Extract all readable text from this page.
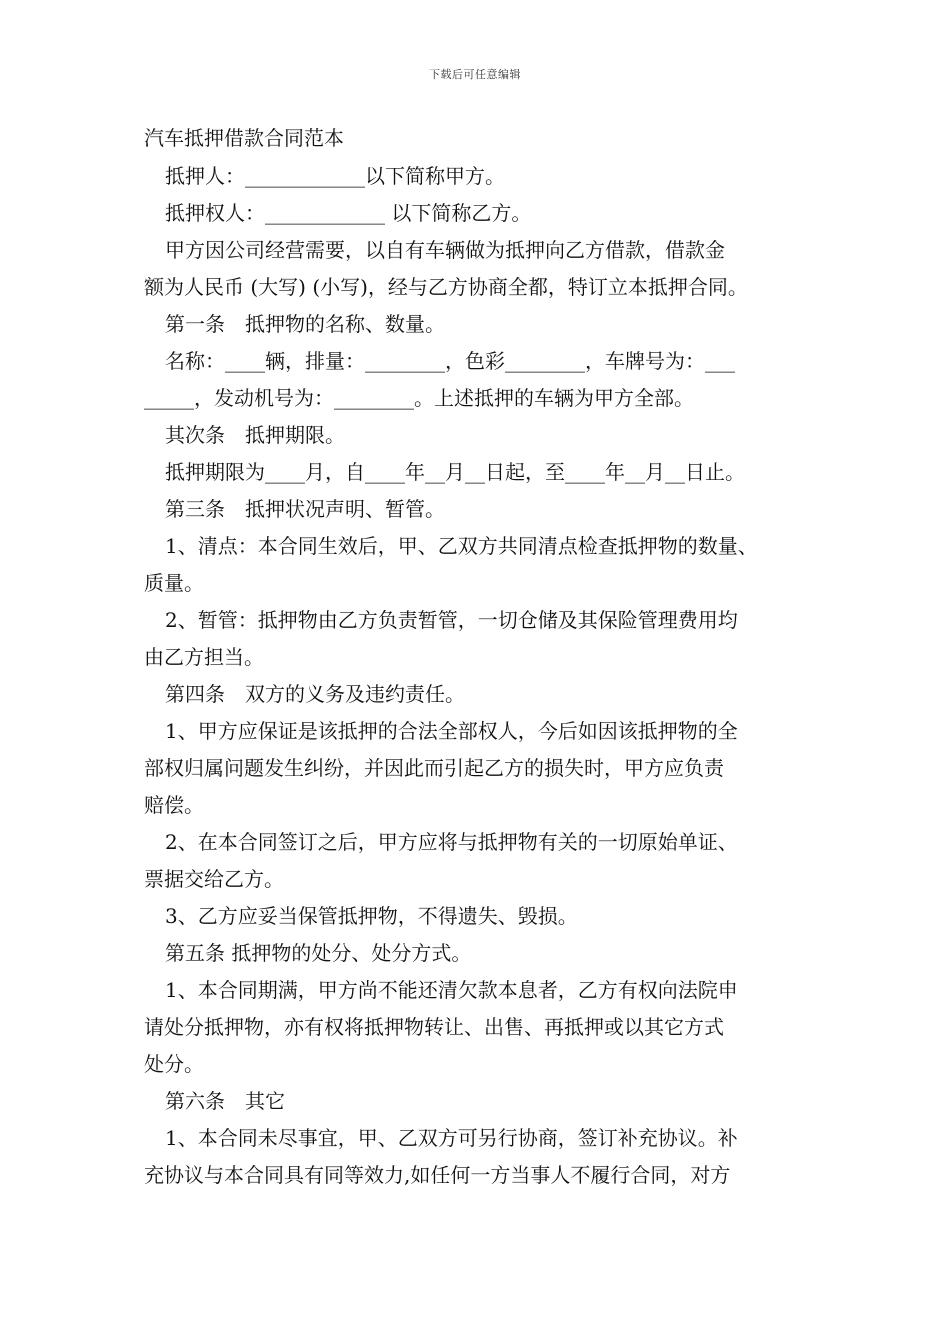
下载后可任意编辑
汽车抵押借款合同范本
抵押人：____________以下简称甲方。
抵押权人：____________ 以下简称乙方。
甲方因公司经营需要，以自有车辆做为抵押向乙方借款，借款金
额为人民币 (大写) (小写)，经与乙方协商全都，特订立本抵押合同。
第一条　抵押物的名称、数量。
名称：____辆，排量：________，色彩________，车牌号为：___
_____，发动机号为：________。上述抵押的车辆为甲方全部。
其次条　抵押期限。
抵押期限为____月，自____年__月__日起，至____年__月__日止。
第三条　抵押状况声明、暂管。
1、清点：本合同生效后，甲、乙双方共同清点检查抵押物的数量、
质量。
2、暂管：抵押物由乙方负责暂管，一切仓储及其保险管理费用均
由乙方担当。
第四条　双方的义务及违约责任。
1、甲方应保证是该抵押的合法全部权人，今后如因该抵押物的全
部权归属问题发生纠纷，并因此而引起乙方的损失时，甲方应负责
赔偿。
2、在本合同签订之后，甲方应将与抵押物有关的一切原始单证、
票据交给乙方。
3、乙方应妥当保管抵押物，不得遗失、毁损。
第五条 抵押物的处分、处分方式。
1、本合同期满，甲方尚不能还清欠款本息者，乙方有权向法院申
请处分抵押物，亦有权将抵押物转让、出售、再抵押或以其它方式
处分。
第六条　其它
1、本合同未尽事宜，甲、乙双方可另行协商，签订补充协议。补
充协议与本合同具有同等效力,如任何一方当事人不履行合同，对方
